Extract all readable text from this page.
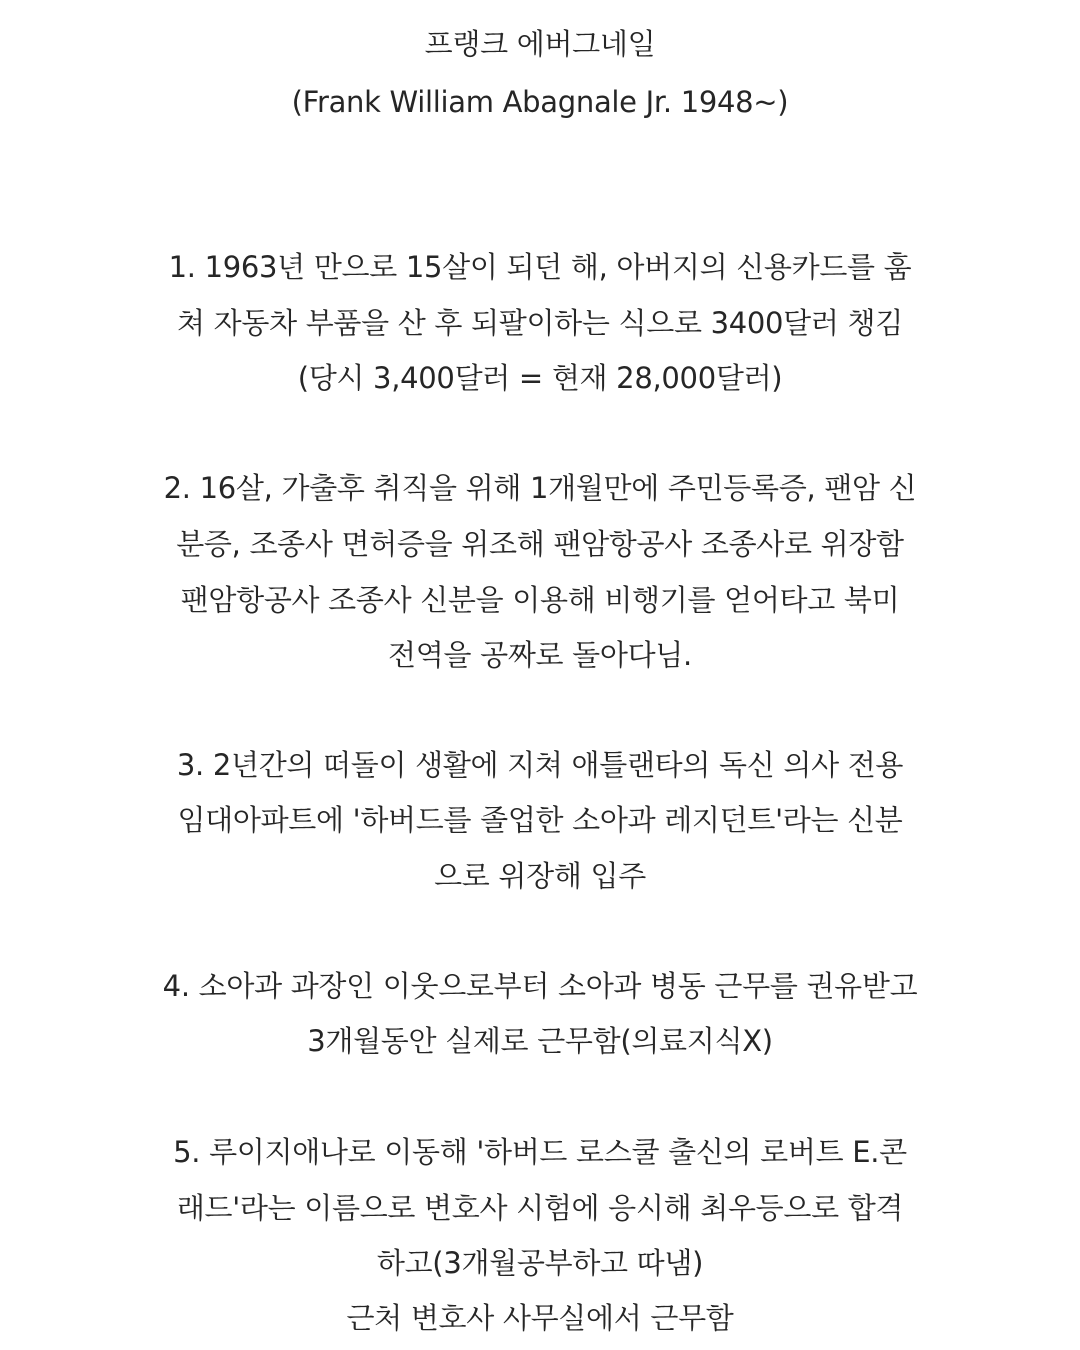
프랭크 에버그네일
(Frank William Abagnale Jr. 1948~)
1. 1963년 만으로 15살이 되던 해, 아버지의 신용카드를 훔
쳐 자동차 부품을 산 후 되팔이하는 식으로 3400달러 챙김
(당시 3,400달러 = 현재 28,000달러)
2. 16살, 가출후 취직을 위해 1개월만에 주민등록증, 팬암 신
분증, 조종사 면허증을 위조해 팬암항공사 조종사로 위장함
팬암항공사 조종사 신분을 이용해 비행기를 얻어타고 북미
전역을 공짜로 돌아다님.
3. 2년간의 떠돌이 생활에 지쳐 애틀랜타의 독신 의사 전용
임대아파트에 '하버드를 졸업한 소아과 레지던트'라는 신분
으로 위장해 입주
4. 소아과 과장인 이웃으로부터 소아과 병동 근무를 권유받고
3개월동안 실제로 근무함(의료지식X)
5. 루이지애나로 이동해 '하버드 로스쿨 출신의 로버트 E.콘
래드'라는 이름으로 변호사 시험에 응시해 최우등으로 합격
하고(3개월공부하고 따냄)
근처 변호사 사무실에서 근무함
